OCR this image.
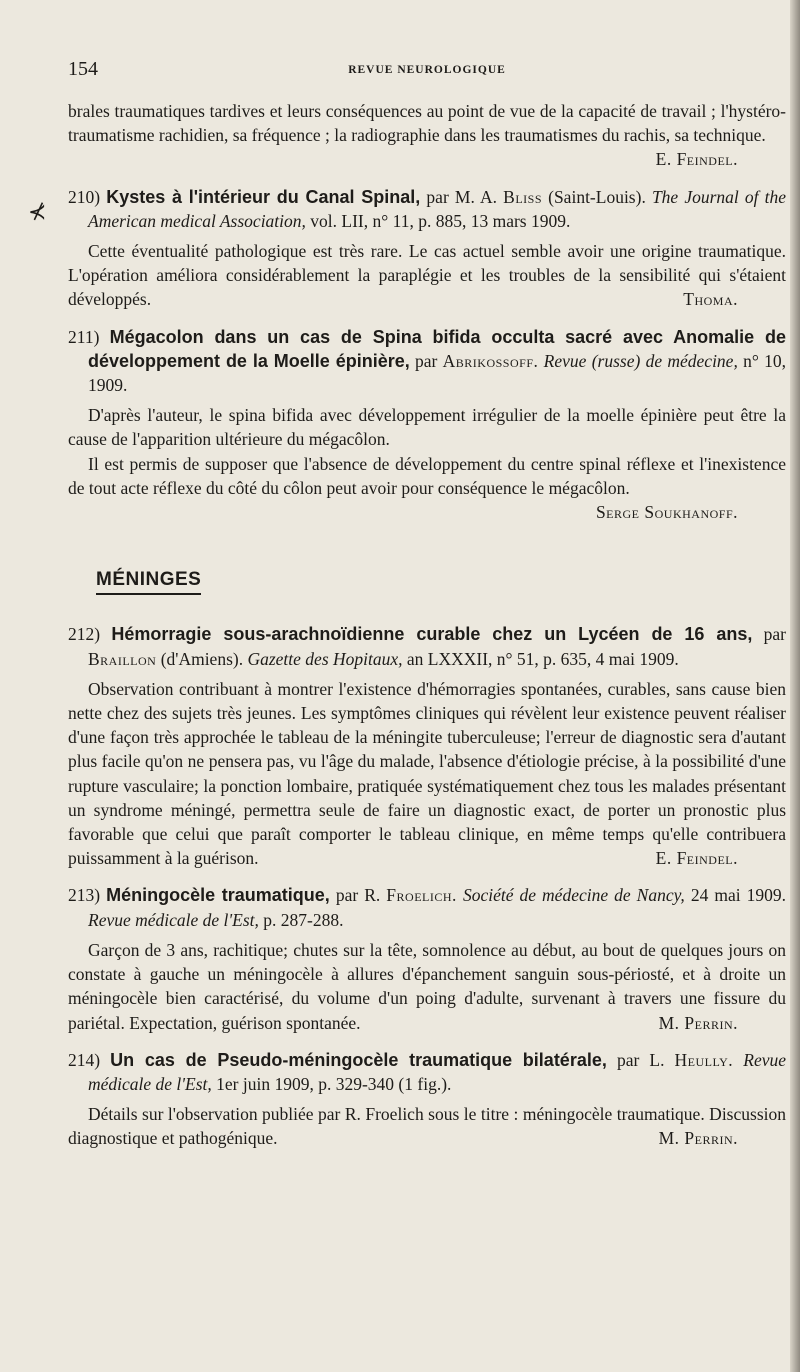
⊀
154	REVUE NEUROLOGIQUE

brales traumatiques tardives et leurs conséquences au point de vue de la capacité de travail ; l'hystéro-traumatisme rachidien, sa fréquence ; la radiographie dans les traumatismes du rachis, sa technique.
E. Feindel.

210) Kystes à l'intérieur du Canal Spinal, par M. A. Bliss (Saint-Louis). The Journal of the American medical Association, vol. LII, n° 11, p. 885, 13 mars 1909.

Cette éventualité pathologique est très rare. Le cas actuel semble avoir une origine traumatique. L'opération améliora considérablement la paraplégie et les troubles de la sensibilité qui s'étaient développés.	Thoma.

211) Mégacolon dans un cas de Spina bifida occulta sacré avec Anomalie de développement de la Moelle épinière, par Abrikossoff. Revue (russe) de médecine, n° 10, 1909.

D'après l'auteur, le spina bifida avec développement irrégulier de la moelle épinière peut être la cause de l'apparition ultérieure du mégacôlon.

Il est permis de supposer que l'absence de développement du centre spinal réflexe et l'inexistence de tout acte réflexe du côté du côlon peut avoir pour conséquence le mégacôlon.
Serge Soukhanoff.

MÉNINGES

212) Hémorragie sous-arachnoïdienne curable chez un Lycéen de 16 ans, par Braillon (d'Amiens). Gazette des Hopitaux, an LXXXII, n° 51, p. 635, 4 mai 1909.

Observation contribuant à montrer l'existence d'hémorragies spontanées, curables, sans cause bien nette chez des sujets très jeunes. Les symptômes cliniques qui révèlent leur existence peuvent réaliser d'une façon très approchée le tableau de la méningite tuberculeuse; l'erreur de diagnostic sera d'autant plus facile qu'on ne pensera pas, vu l'âge du malade, l'absence d'étiologie précise, à la possibilité d'une rupture vasculaire; la ponction lombaire, pratiquée systématiquement chez tous les malades présentant un syndrome méningé, permettra seule de faire un diagnostic exact, de porter un pronostic plus favorable que celui que paraît comporter le tableau clinique, en même temps qu'elle contribuera puissamment à la guérison.	E. Feindel.

213) Méningocèle traumatique, par R. Froelich. Société de médecine de Nancy, 24 mai 1909. Revue médicale de l'Est, p. 287-288.

Garçon de 3 ans, rachitique; chutes sur la tête, somnolence au début, au bout de quelques jours on constate à gauche un méningocèle à allures d'épanchement sanguin sous-périosté, et à droite un méningocèle bien caractérisé, du volume d'un poing d'adulte, survenant à travers une fissure du pariétal. Expectation, guérison spontanée.	M. Perrin.

214) Un cas de Pseudo-méningocèle traumatique bilatérale, par L. Heully. Revue médicale de l'Est, 1er juin 1909, p. 329-340 (1 fig.).

Détails sur l'observation publiée par R. Froelich sous le titre : méningocèle traumatique. Discussion diagnostique et pathogénique.	M. Perrin.
